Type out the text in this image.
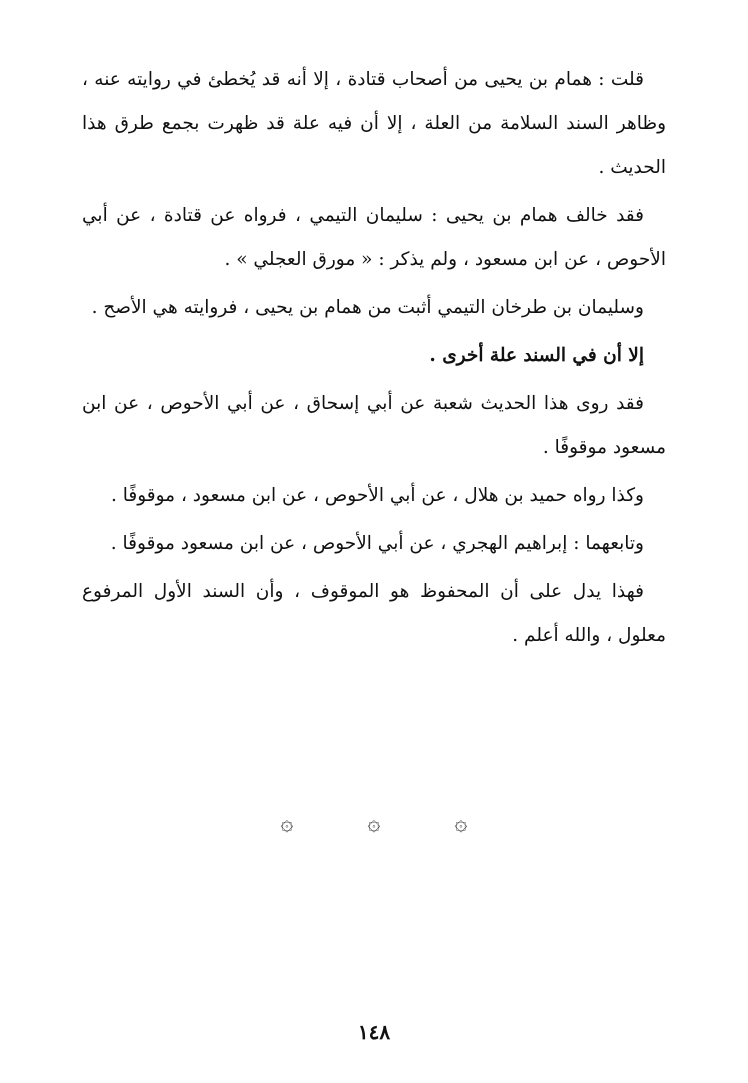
قلت : همام بن يحيى من أصحاب قتادة ، إلا أنه قد يُخطئ في روايته عنه ، وظاهر السند السلامة من العلة ، إلا أن فيه علة قد ظهرت بجمع طرق هذا الحديث .

فقد خالف همام بن يحيى : سليمان التيمي ، فرواه عن قتادة ، عن أبي الأحوص ، عن ابن مسعود ، ولم يذكر : « مورق العجلي » .

وسليمان بن طرخان التيمي أثبت من همام بن يحيى ، فروايته هي الأصح .

إلا أن في السند علة أخرى .

فقد روى هذا الحديث شعبة عن أبي إسحاق ، عن أبي الأحوص ، عن ابن مسعود موقوفًا .

وكذا رواه حميد بن هلال ، عن أبي الأحوص ، عن ابن مسعود ، موقوفًا .

وتابعهما : إبراهيم الهجري ، عن أبي الأحوص ، عن ابن مسعود موقوفًا .

فهذا يدل على أن المحفوظ هو الموقوف ، وأن السند الأول المرفوع معلول ، والله أعلم .

۞	۞	۞
١٤٨
